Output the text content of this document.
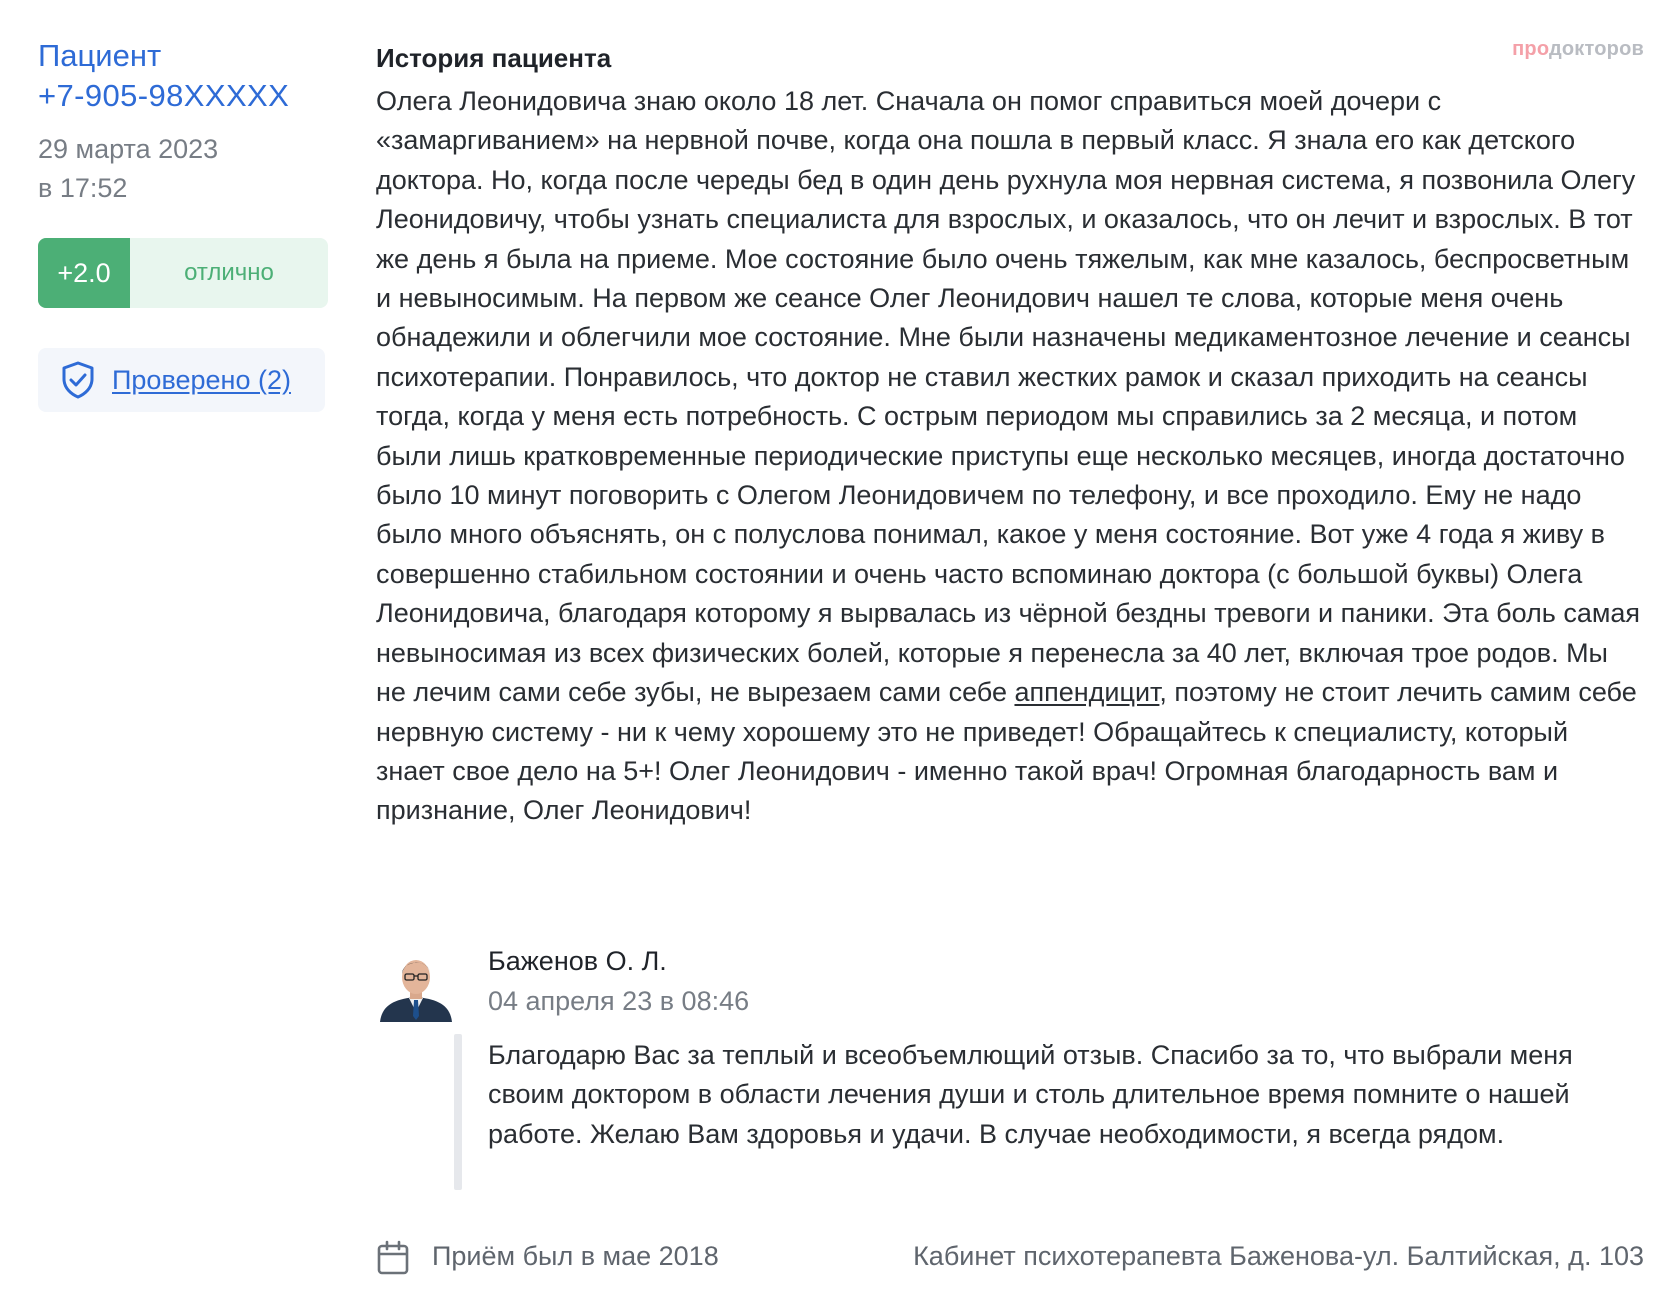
продокторов
Пациент
+7-905-98XXXXX
29 марта 2023
в 17:52
+2.0	отлично
Проверено (2)
История пациента
Олега Леонидовича знаю около 18 лет. Сначала он помог справиться моей дочери с «замаргиванием» на нервной почве, когда она пошла в первый класс. Я знала его как детского доктора. Но, когда после череды бед в один день рухнула моя нервная система, я позвонила Олегу Леонидовичу, чтобы узнать специалиста для взрослых, и оказалось, что он лечит и взрослых. В тот же день я была на приеме. Мое состояние было очень тяжелым, как мне казалось, беспросветным и невыносимым. На первом же сеансе Олег Леонидович нашел те слова, которые меня очень обнадежили и облегчили мое состояние. Мне были назначены медикаментозное лечение и сеансы психотерапии. Понравилось, что доктор не ставил жестких рамок и сказал приходить на сеансы тогда, когда у меня есть потребность. С острым периодом мы справились за 2 месяца, и потом были лишь кратковременные периодические приступы еще несколько месяцев, иногда достаточно было 10 минут поговорить с Олегом Леонидовичем по телефону, и все проходило. Ему не надо было много объяснять, он с полуслова понимал, какое у меня состояние. Вот уже 4 года я живу в совершенно стабильном состоянии и очень часто вспоминаю доктора (с большой буквы) Олега Леонидовича, благодаря которому я вырвалась из чёрной бездны тревоги и паники. Эта боль самая невыносимая из всех физических болей, которые я перенесла за 40 лет, включая трое родов. Мы не лечим сами себе зубы, не вырезаем сами себе аппендицит, поэтому не стоит лечить самим себе нервную систему - ни к чему хорошему это не приведет! Обращайтесь к специалисту, который знает свое дело на 5+! Олег Леонидович - именно такой врач! Огромная благодарность вам и признание, Олег Леонидович!
Баженов О. Л.
04 апреля 23 в 08:46
Благодарю Вас за теплый и всеобъемлющий отзыв. Спасибо за то, что выбрали меня своим доктором в области лечения души и столь длительное время помните о нашей работе. Желаю Вам здоровья и удачи. В случае необходимости, я всегда рядом.
Приём был в мае 2018	Кабинет психотерапевта Баженова-ул. Балтийская, д. 103
